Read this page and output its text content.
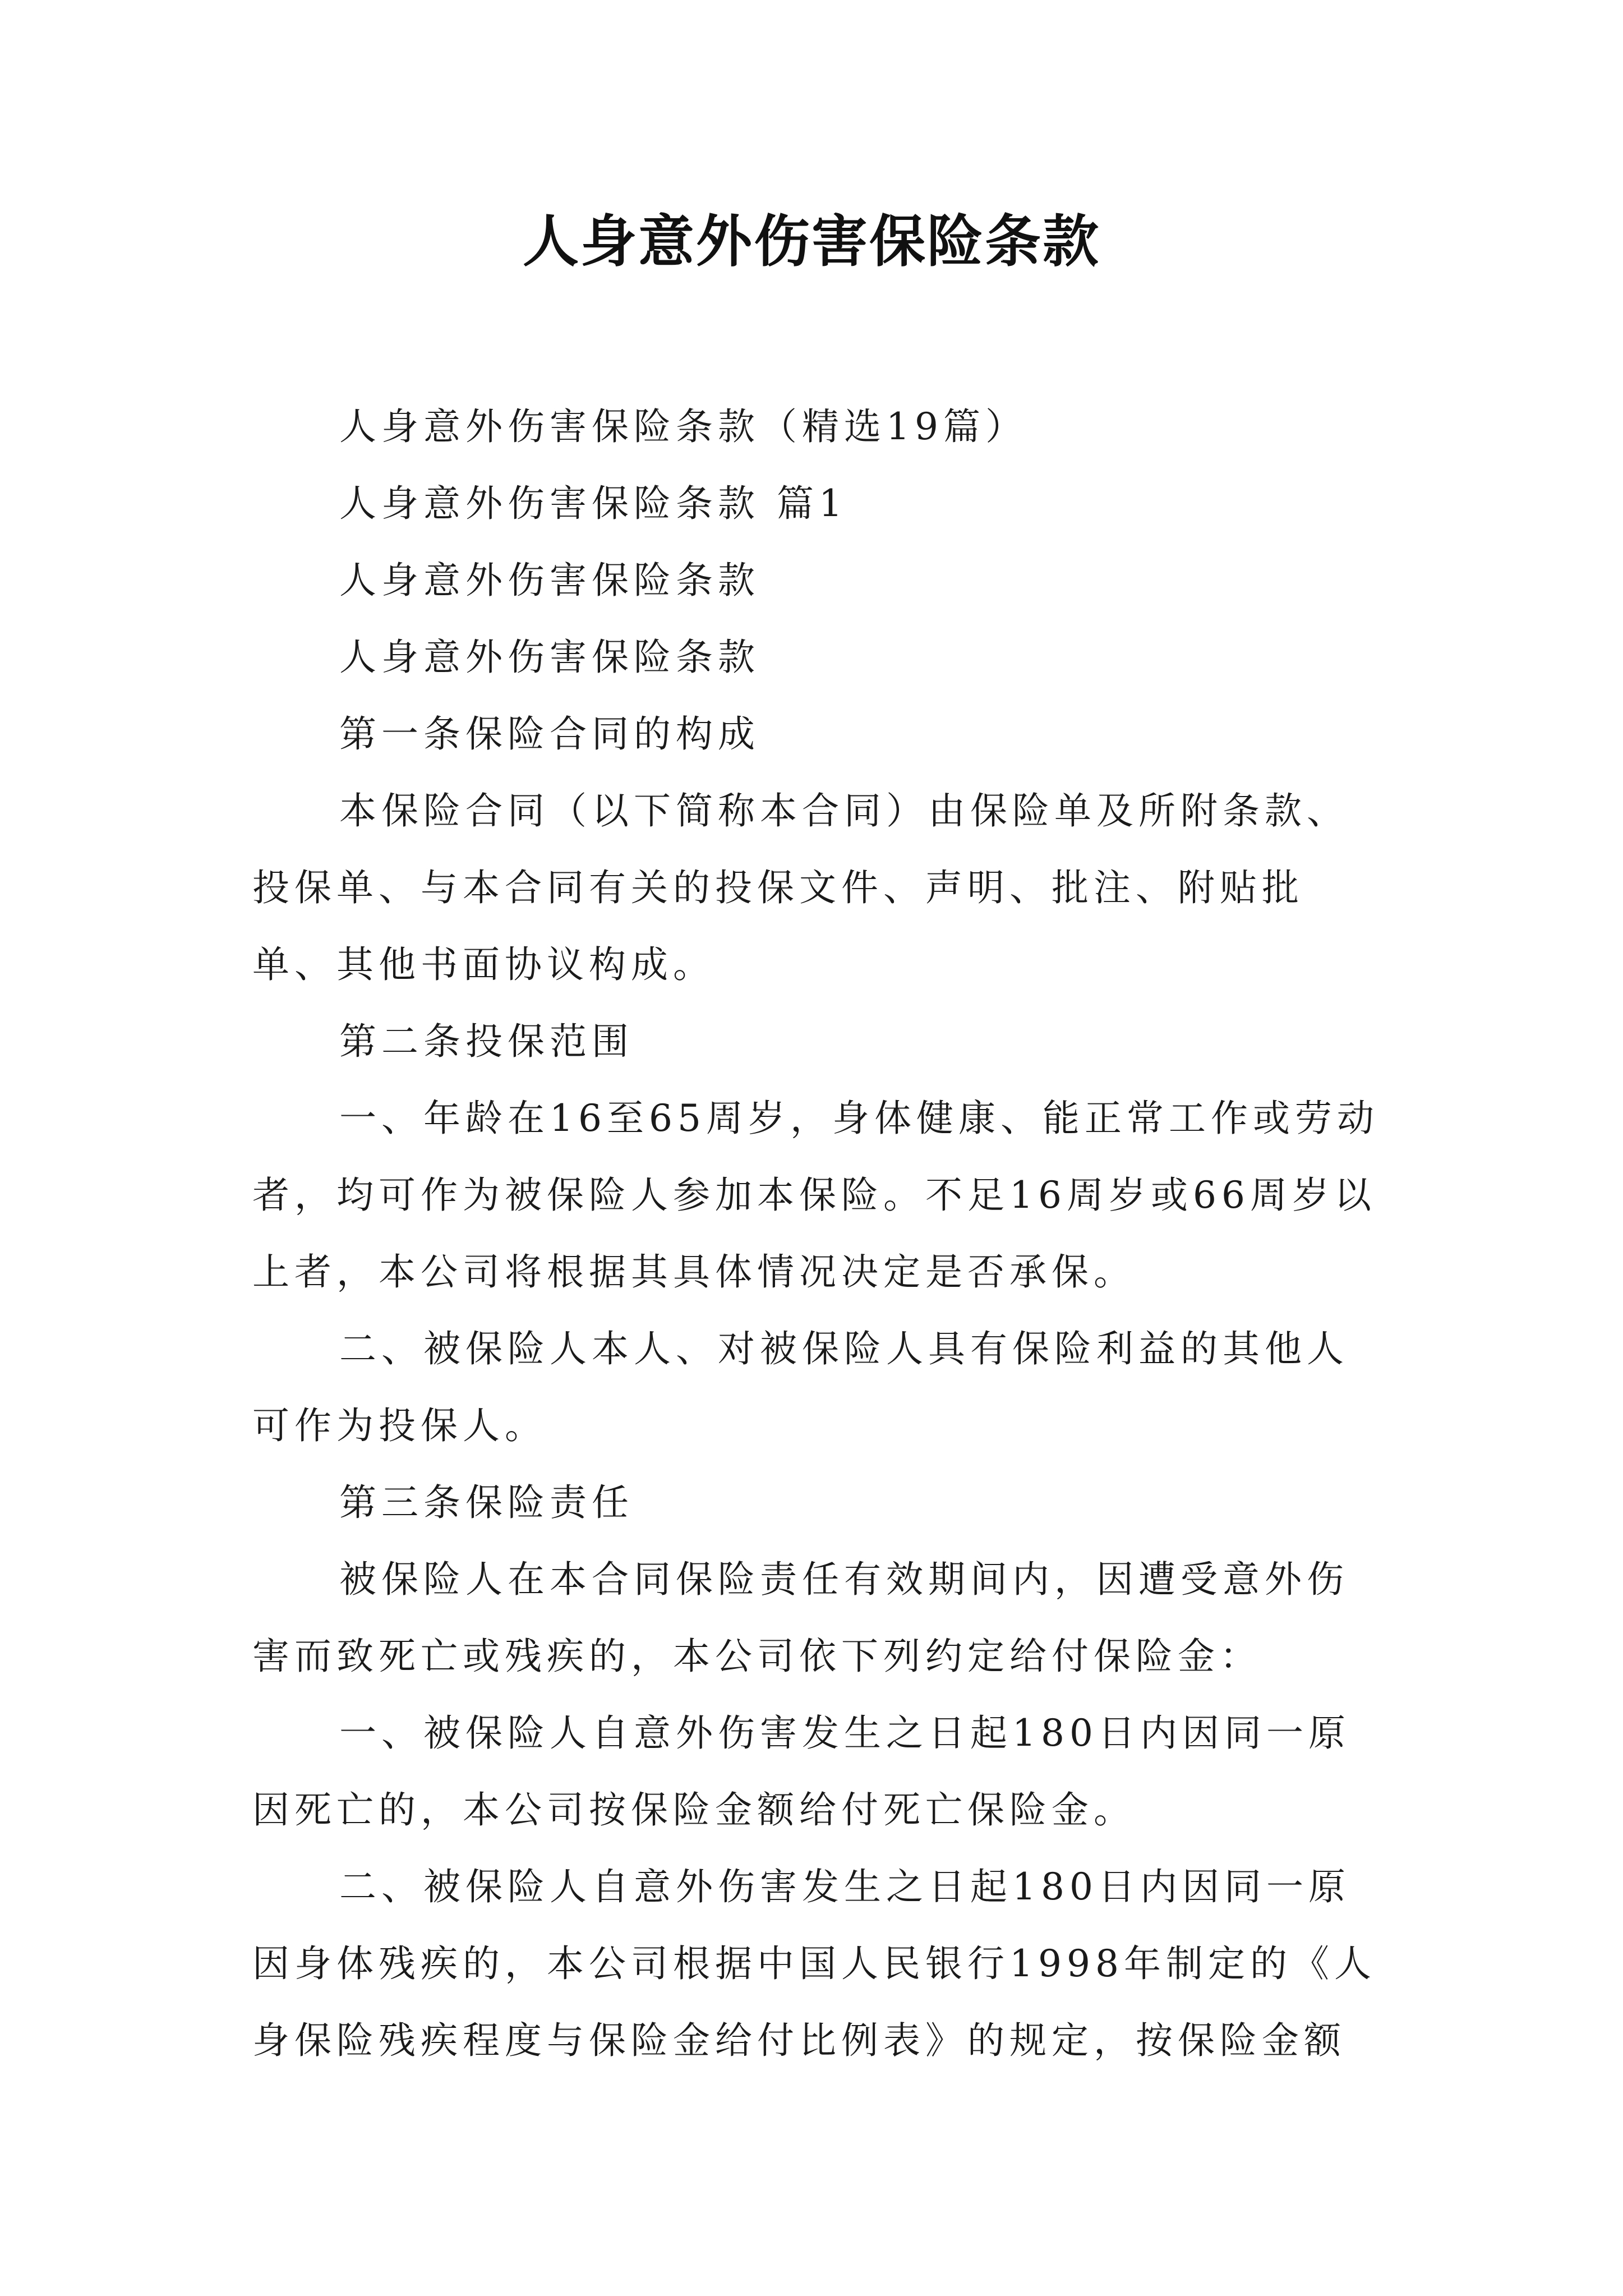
人身意外伤害保险条款

人身意外伤害保险条款（精选19篇）

人身意外伤害保险条款 篇1

人身意外伤害保险条款

人身意外伤害保险条款

第一条保险合同的构成

本保险合同（以下简称本合同）由保险单及所附条款、投保单、与本合同有关的投保文件、声明、批注、附贴批单、其他书面协议构成。

第二条投保范围

一、年龄在16至65周岁，身体健康、能正常工作或劳动者，均可作为被保险人参加本保险。不足16周岁或66周岁以上者，本公司将根据其具体情况决定是否承保。

二、被保险人本人、对被保险人具有保险利益的其他人可作为投保人。

第三条保险责任

被保险人在本合同保险责任有效期间内，因遭受意外伤害而致死亡或残疾的，本公司依下列约定给付保险金：

一、被保险人自意外伤害发生之日起180日内因同一原因死亡的，本公司按保险金额给付死亡保险金。

二、被保险人自意外伤害发生之日起180日内因同一原因身体残疾的，本公司根据中国人民银行1998年制定的《人身保险残疾程度与保险金给付比例表》的规定，按保险金额
